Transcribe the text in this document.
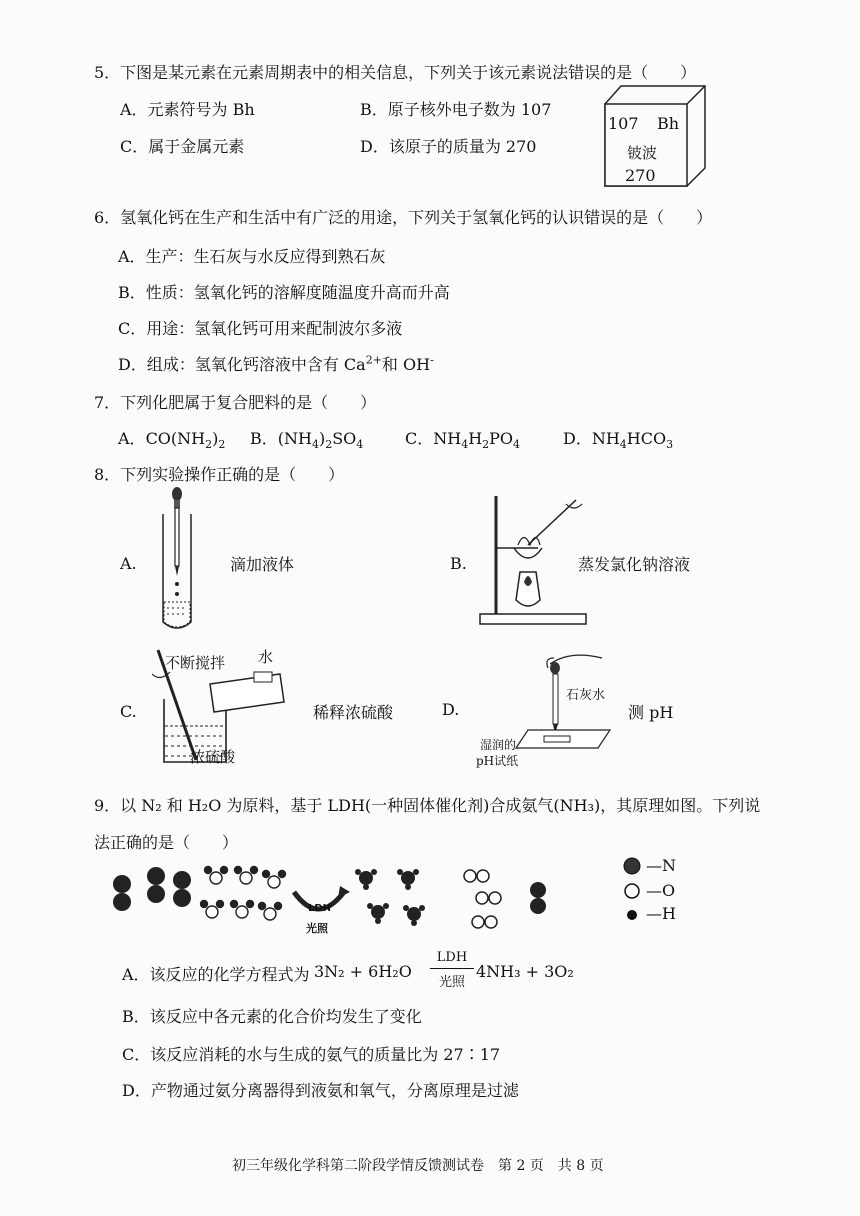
5．下图是某元素在元素周期表中的相关信息，下列关于该元素说法错误的是（　　）
A．元素符号为 Bh	B．原子核外电子数为 107
C．属于金属元素	D．该原子的质量为 270
107 Bh
铍波
270
6．氢氧化钙在生产和生活中有广泛的用途，下列关于氢氧化钙的认识错误的是（　　）
A．生产：生石灰与水反应得到熟石灰
B．性质：氢氧化钙的溶解度随温度升高而升高
C．用途：氢氧化钙可用来配制波尔多液
D．组成：氢氧化钙溶液中含有 $Ca^{2+}$和 OH-
7．下列化肥属于复合肥料的是（　　）
A．$CO(NH_2)_2$ B．$(NH_4)_2SO_4$	C．$NH_4H_2PO_4$	D．$NH_4HCO_3$
8．下列实验操作正确的是（　　）
A.	滴加液体	B.	蒸发氯化钠溶液
C.
不断搅拌 水
浓硫酸
稀释浓硫酸	D.
石灰水
湿润的
pH试纸
测 pH
9．以 N₂ 和 H₂O 为原料，基于 LDH(一种固体催化剂)合成氨气(NH₃)，其原理如图。下列说
法正确的是（　　）
LDH
光照
—N
—O
—H
A．该反应的化学方程式为 3N₂ + 6H₂O
LDH
光照
4NH₃ + 3O₂
B．该反应中各元素的化合价均发生了变化
C．该反应消耗的水与生成的氨气的质量比为 27∶17
D．产物通过氨分离器得到液氨和氧气，分离原理是过滤
初三年级化学科第二阶段学情反馈测试卷　第 2 页　共 8 页
